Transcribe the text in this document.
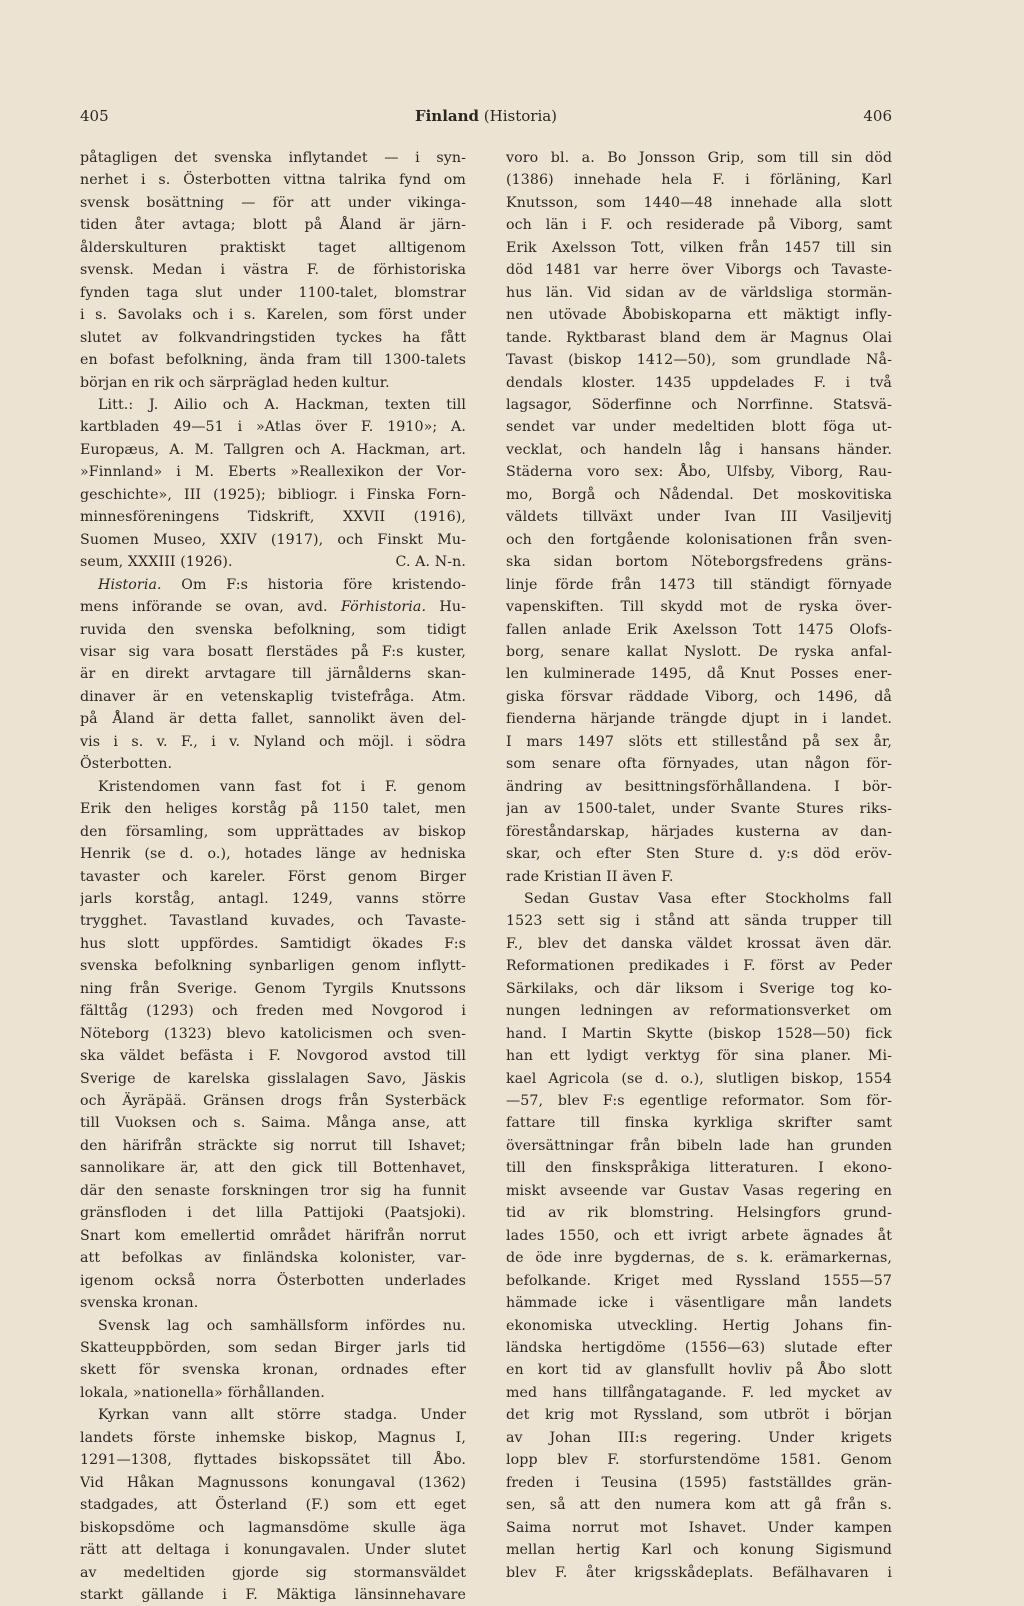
405	Finland (Historia)	406
påtagligen det svenska inflytandet — i syn-
nerhet i s. Österbotten vittna talrika fynd om
svensk bosättning — för att under vikinga-
tiden åter avtaga; blott på Åland är järn-
ålderskulturen praktiskt taget alltigenom
svensk. Medan i västra F. de förhistoriska
fynden taga slut under 1100-talet, blomstrar
i s. Savolaks och i s. Karelen, som först under
slutet av folkvandringstiden tyckes ha fått
en bofast befolkning, ända fram till 1300-talets
början en rik och särpräglad heden kultur.
Litt.: J. Ailio och A. Hackman, texten till
kartbladen 49—51 i »Atlas över F. 1910»; A.
Europæus, A. M. Tallgren och A. Hackman, art.
»Finnland» i M. Eberts »Reallexikon der Vor-
geschichte», III (1925); bibliogr. i Finska Forn-
minnesföreningens Tidskrift, XXVII (1916),
Suomen Museo, XXIV (1917), och Finskt Mu-
seum, XXXIII (1926).	C. A. N-n.
Historia. Om F:s historia före kristendo-
mens införande se ovan, avd. Förhistoria. Hu-
ruvida den svenska befolkning, som tidigt
visar sig vara bosatt flerstädes på F:s kuster,
är en direkt arvtagare till järnålderns skan-
dinaver är en vetenskaplig tvistefråga. Atm.
på Åland är detta fallet, sannolikt även del-
vis i s. v. F., i v. Nyland och möjl. i södra
Österbotten.
Kristendomen vann fast fot i F. genom
Erik den heliges korståg på 1150 talet, men
den församling, som upprättades av biskop
Henrik (se d. o.), hotades länge av hedniska
tavaster och kareler. Först genom Birger
jarls korståg, antagl. 1249, vanns större
trygghet. Tavastland kuvades, och Tavaste-
hus slott uppfördes. Samtidigt ökades F:s
svenska befolkning synbarligen genom inflytt-
ning från Sverige. Genom Tyrgils Knutssons
fälttåg (1293) och freden med Novgorod i
Nöteborg (1323) blevo katolicismen och sven-
ska väldet befästa i F. Novgorod avstod till
Sverige de karelska gisslalagen Savo, Jäskis
och Äyräpää. Gränsen drogs från Systerbäck
till Vuoksen och s. Saima. Många anse, att
den härifrån sträckte sig norrut till Ishavet;
sannolikare är, att den gick till Bottenhavet,
där den senaste forskningen tror sig ha funnit
gränsfloden i det lilla Pattijoki (Paatsjoki).
Snart kom emellertid området härifrån norrut
att befolkas av finländska kolonister, var-
igenom också norra Österbotten underlades
svenska kronan.
Svensk lag och samhällsform infördes nu.
Skatteuppbörden, som sedan Birger jarls tid
skett för svenska kronan, ordnades efter
lokala, »nationella» förhållanden.
Kyrkan vann allt större stadga. Under
landets förste inhemske biskop, Magnus I,
1291—1308, flyttades biskopssätet till Åbo.
Vid Håkan Magnussons konungaval (1362)
stadgades, att Österland (F.) som ett eget
biskopsdöme och lagmansdöme skulle äga
rätt att deltaga i konungavalen. Under slutet
av medeltiden gjorde sig stormansväldet
starkt gällande i F. Mäktiga länsinnehavare
voro bl. a. Bo Jonsson Grip, som till sin död
(1386) innehade hela F. i förläning, Karl
Knutsson, som 1440—48 innehade alla slott
och län i F. och residerade på Viborg, samt
Erik Axelsson Tott, vilken från 1457 till sin
död 1481 var herre över Viborgs och Tavaste-
hus län. Vid sidan av de världsliga stormän-
nen utövade Åbobiskoparna ett mäktigt infly-
tande. Ryktbarast bland dem är Magnus Olai
Tavast (biskop 1412—50), som grundlade Nå-
dendals kloster. 1435 uppdelades F. i två
lagsagor, Söderfinne och Norrfinne. Statsvä-
sendet var under medeltiden blott föga ut-
vecklat, och handeln låg i hansans händer.
Städerna voro sex: Åbo, Ulfsby, Viborg, Rau-
mo, Borgå och Nådendal. Det moskovitiska
väldets tillväxt under Ivan III Vasiljevitj
och den fortgående kolonisationen från sven-
ska sidan bortom Nöteborgsfredens gräns-
linje förde från 1473 till ständigt förnyade
vapenskiften. Till skydd mot de ryska över-
fallen anlade Erik Axelsson Tott 1475 Olofs-
borg, senare kallat Nyslott. De ryska anfal-
len kulminerade 1495, då Knut Posses ener-
giska försvar räddade Viborg, och 1496, då
fienderna härjande trängde djupt in i landet.
I mars 1497 slöts ett stillestånd på sex år,
som senare ofta förnyades, utan någon för-
ändring av besittningsförhållandena. I bör-
jan av 1500-talet, under Svante Stures riks-
föreståndarskap, härjades kusterna av dan-
skar, och efter Sten Sture d. y:s död eröv-
rade Kristian II även F.
Sedan Gustav Vasa efter Stockholms fall
1523 sett sig i stånd att sända trupper till
F., blev det danska väldet krossat även där.
Reformationen predikades i F. först av Peder
Särkilaks, och där liksom i Sverige tog ko-
nungen ledningen av reformationsverket om
hand. I Martin Skytte (biskop 1528—50) fick
han ett lydigt verktyg för sina planer. Mi-
kael Agricola (se d. o.), slutligen biskop, 1554
—57, blev F:s egentlige reformator. Som för-
fattare till finska kyrkliga skrifter samt
översättningar från bibeln lade han grunden
till den finskspråkiga litteraturen. I ekono-
miskt avseende var Gustav Vasas regering en
tid av rik blomstring. Helsingfors grund-
lades 1550, och ett ivrigt arbete ägnades åt
de öde inre bygdernas, de s. k. erämarkernas,
befolkande. Kriget med Ryssland 1555—57
hämmade icke i väsentligare mån landets
ekonomiska utveckling. Hertig Johans fin-
ländska hertigdöme (1556—63) slutade efter
en kort tid av glansfullt hovliv på Åbo slott
med hans tillfångatagande. F. led mycket av
det krig mot Ryssland, som utbröt i början
av Johan III:s regering. Under krigets
lopp blev F. storfurstendöme 1581. Genom
freden i Teusina (1595) fastställdes grän-
sen, så att den numera kom att gå från s.
Saima norrut mot Ishavet. Under kampen
mellan hertig Karl och konung Sigismund
blev F. åter krigsskådeplats. Befälhavaren i
